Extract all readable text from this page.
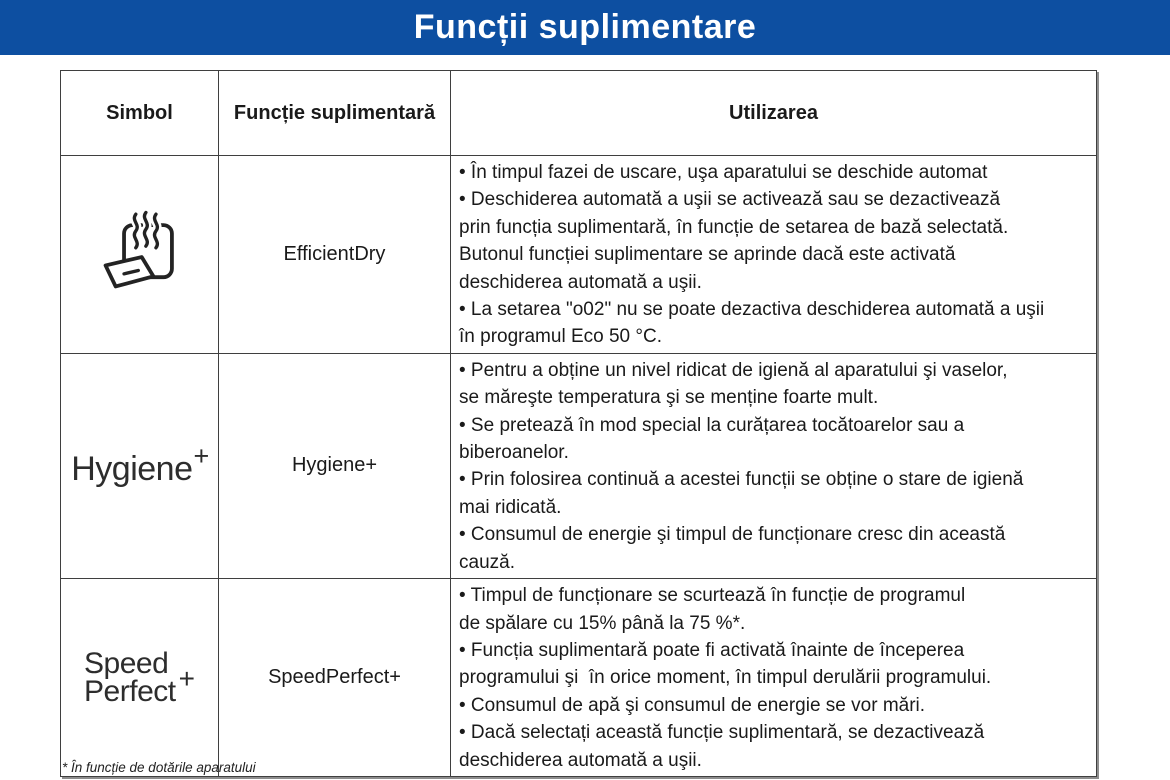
Funcții suplimentare
Simbol	Funcție suplimentară	Utilizarea
	EfficientDry	
• În timpul fazei de uscare, uşa aparatului se deschide automat
• Deschiderea automată a uşii se activează sau se dezactivează
prin funcția suplimentară, în funcție de setarea de bază selectată.
Butonul funcției suplimentare se aprinde dacă este activată
deschiderea automată a uşii.
• La setarea "o02" nu se poate dezactiva deschiderea automată a uşii
în programul Eco 50 °C.

Hygiene+	Hygiene+	
• Pentru a obține un nivel ridicat de igienă al aparatului şi vaselor,
se măreşte temperatura şi se menține foarte mult.
• Se pretează în mod special la curățarea tocătoarelor sau a
biberoanelor.
• Prin folosirea continuă a acestei funcții se obține o stare de igienă
mai ridicată.
• Consumul de energie şi timpul de funcționare cresc din această
cauză.

Speed
Perfect +	SpeedPerfect+	
• Timpul de funcționare se scurtează în funcție de programul
de spălare cu 15% până la 75 %*.
• Funcția suplimentară poate fi activată înainte de începerea
programului şi  în orice moment, în timpul derulării programului.
• Consumul de apă şi consumul de energie se vor mări.
• Dacă selectați această funcție suplimentară, se dezactivează
deschiderea automată a uşii.
* În funcție de dotările aparatului
